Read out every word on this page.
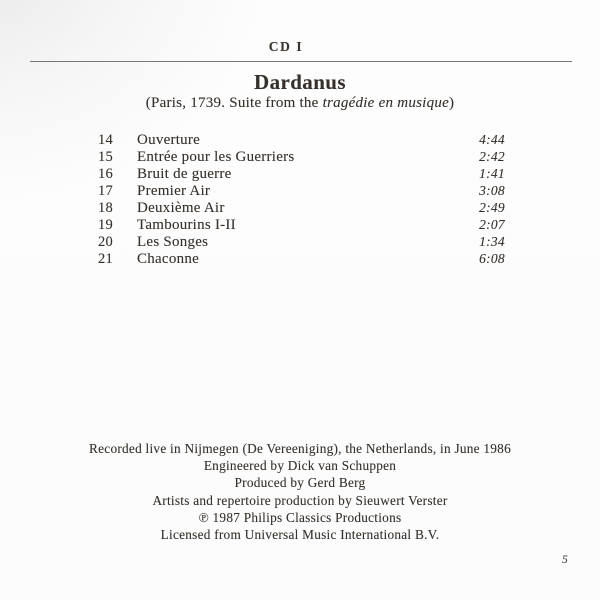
CD I
Dardanus
(Paris, 1739. Suite from the tragédie en musique)
14 Ouverture	4:44
15 Entrée pour les Guerriers	2:42
16 Bruit de guerre	1:41
17 Premier Air	3:08
18 Deuxième Air	2:49
19 Tambourins I-II	2:07
20 Les Songes	1:34
21 Chaconne	6:08
Recorded live in Nijmegen (De Vereeniging), the Netherlands, in June 1986
Engineered by Dick van Schuppen
Produced by Gerd Berg
Artists and repertoire production by Sieuwert Verster
℗ 1987 Philips Classics Productions
Licensed from Universal Music International B.V.
5
